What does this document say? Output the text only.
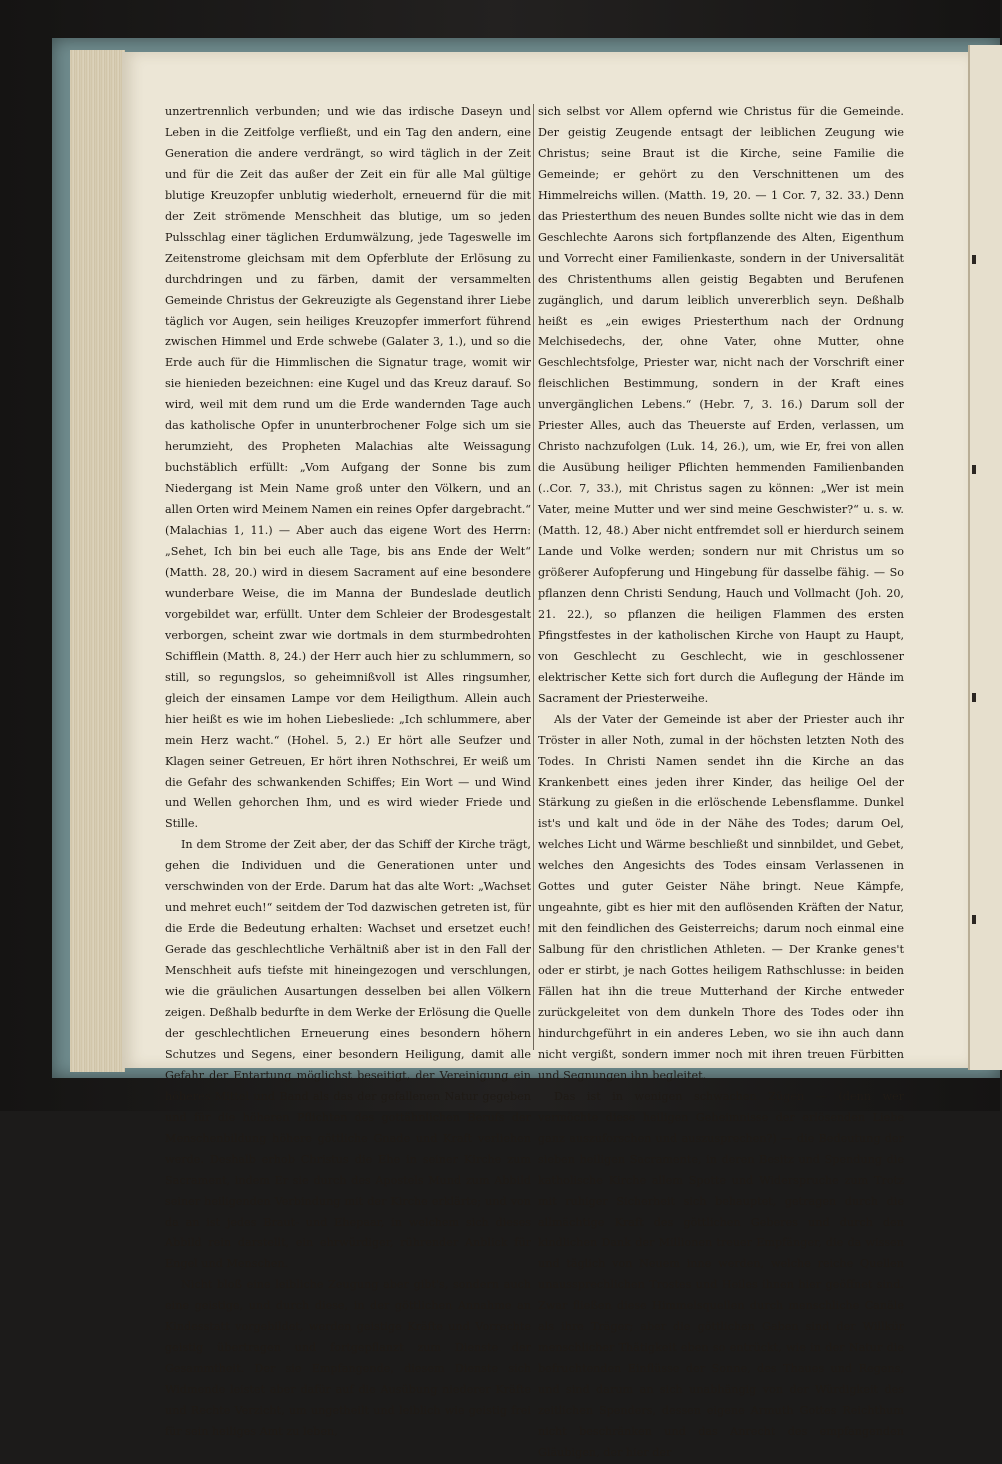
unzertrennlich verbunden; und wie das irdische Daseyn und Leben in die Zeitfolge verfließt, und ein Tag den andern, eine Generation die andere verdrängt, so wird täglich in der Zeit und für die Zeit das außer der Zeit ein für alle Mal gültige blutige Kreuzopfer unblutig wiederholt, erneuernd für die mit der Zeit strömende Menschheit das blutige, um so jeden Pulsschlag einer täglichen Erdumwälzung, jede Tageswelle im Zeitenstrome gleichsam mit dem Opferblute der Erlösung zu durchdringen und zu färben, damit der versammelten Gemeinde Christus der Gekreuzigte als Gegenstand ihrer Liebe täglich vor Augen, sein heiliges Kreuzopfer immerfort führend zwischen Himmel und Erde schwebe (Galater 3, 1.), und so die Erde auch für die Himmlischen die Signatur trage, womit wir sie hienieden bezeichnen: eine Kugel und das Kreuz darauf. So wird, weil mit dem rund um die Erde wandernden Tage auch das katholische Opfer in ununterbrochener Folge sich um sie herumzieht, des Propheten Malachias alte Weissagung buchstäblich erfüllt: „Vom Aufgang der Sonne bis zum Niedergang ist Mein Name groß unter den Völkern, und an allen Orten wird Meinem Namen ein reines Opfer dargebracht.“ (Malachias 1, 11.) — Aber auch das eigene Wort des Herrn: „Sehet, Ich bin bei euch alle Tage, bis ans Ende der Welt“ (Matth. 28, 20.) wird in diesem Sacrament auf eine besondere wunderbare Weise, die im Manna der Bundeslade deutlich vorgebildet war, erfüllt. Unter dem Schleier der Brodesgestalt verborgen, scheint zwar wie dortmals in dem sturmbedrohten Schifflein (Matth. 8, 24.) der Herr auch hier zu schlummern, so still, so regungslos, so geheimnißvoll ist Alles ringsumher, gleich der einsamen Lampe vor dem Heiligthum. Allein auch hier heißt es wie im hohen Liebesliede: „Ich schlummere, aber mein Herz wacht.“ (Hohel. 5, 2.) Er hört alle Seufzer und Klagen seiner Getreuen, Er hört ihren Nothschrei, Er weiß um die Gefahr des schwankenden Schiffes; Ein Wort — und Wind und Wellen gehorchen Ihm, und es wird wieder Friede und Stille.

In dem Strome der Zeit aber, der das Schiff der Kirche trägt, gehen die Individuen und die Generationen unter und verschwinden von der Erde. Darum hat das alte Wort: „Wachset und mehret euch!“ seitdem der Tod dazwischen getreten ist, für die Erde die Bedeutung erhalten: Wachset und ersetzet euch! Gerade das geschlechtliche Verhältniß aber ist in den Fall der Menschheit aufs tiefste mit hineingezogen und verschlungen, wie die gräulichen Ausartungen desselben bei allen Völkern zeigen. Deßhalb bedurfte in dem Werke der Erlösung die Quelle der geschlechtlichen Erneuerung eines besondern höhern Schutzes und Segens, einer besondern Heiligung, damit alle Gefahr der Entartung möglichst beseitigt, der Vereinigung ein höheres Mittel und Band als das der gefallenen Natur gegeben und für die höheren Pflichten des gottähnlichen Berufs der Menschenbildung höhere göttliche Gnade und Kraft verliehen werde. Deshalb erhob Christus die Ehe in seiner Kirche zum Sacrament, indem Er sie durch des Apostels Mund zum Abbild seiner heiligenden Verbindung mit der Kirche erklärte; und von da an ist jedes Braut- und Ehepaar, in welchem sich dieses Abbild rein darstellt, ein ehrwürdiger, rührender Anblick für Engel und Menschen.

Nicht bloß eine leibliche Zeugung aber gibt's, sondern auch eine geistige, und durch diese, in der göttlichen Annahme an Kindesstatt vorgebildet, werden geistige Kräfte und Vorrechte geistig übertragen und fortgepflanzt zum Dienste der Gesammtheit. Der sie Empfangende, diesem Dienste sich Widmende leistet aber dafür auf die Ausübung niederer Kräfte und Rechte Verzicht, um ungetheilt und leiblich wie geistig frei für sein heiliges Amt zu leben,

sich selbst vor Allem opfernd wie Christus für die Gemeinde. Der geistig Zeugende entsagt der leiblichen Zeugung wie Christus; seine Braut ist die Kirche, seine Familie die Gemeinde; er gehört zu den Verschnittenen um des Himmelreichs willen. (Matth. 19, 20. — 1 Cor. 7, 32. 33.) Denn das Priesterthum des neuen Bundes sollte nicht wie das in dem Geschlechte Aarons sich fortpflanzende des Alten, Eigenthum und Vorrecht einer Familienkaste, sondern in der Universalität des Christenthums allen geistig Begabten und Berufenen zugänglich, und darum leiblich unvererblich seyn. Deßhalb heißt es „ein ewiges Priesterthum nach der Ordnung Melchisedechs, der, ohne Vater, ohne Mutter, ohne Geschlechtsfolge, Priester war, nicht nach der Vorschrift einer fleischlichen Bestimmung, sondern in der Kraft eines unvergänglichen Lebens.“ (Hebr. 7, 3. 16.) Darum soll der Priester Alles, auch das Theuerste auf Erden, verlassen, um Christo nachzufolgen (Luk. 14, 26.), um, wie Er, frei von allen die Ausübung heiliger Pflichten hemmenden Familienbanden (..Cor. 7, 33.), mit Christus sagen zu können: „Wer ist mein Vater, meine Mutter und wer sind meine Geschwister?“ u. s. w. (Matth. 12, 48.) Aber nicht entfremdet soll er hierdurch seinem Lande und Volke werden; sondern nur mit Christus um so größerer Aufopferung und Hingebung für dasselbe fähig. — So pflanzen denn Christi Sendung, Hauch und Vollmacht (Joh. 20, 21. 22.), so pflanzen die heiligen Flammen des ersten Pfingstfestes in der katholischen Kirche von Haupt zu Haupt, von Geschlecht zu Geschlecht, wie in geschlossener elektrischer Kette sich fort durch die Auflegung der Hände im Sacrament der Priesterweihe.

Als der Vater der Gemeinde ist aber der Priester auch ihr Tröster in aller Noth, zumal in der höchsten letzten Noth des Todes. In Christi Namen sendet ihn die Kirche an das Krankenbett eines jeden ihrer Kinder, das heilige Oel der Stärkung zu gießen in die erlöschende Lebensflamme. Dunkel ist's und kalt und öde in der Nähe des Todes; darum Oel, welches Licht und Wärme beschließt und sinnbildet, und Gebet, welches den Angesichts des Todes einsam Verlassenen in Gottes und guter Geister Nähe bringt. Neue Kämpfe, ungeahnte, gibt es hier mit den auflösenden Kräften der Natur, mit den feindlichen des Geisterreichs; darum noch einmal eine Salbung für den christlichen Athleten. — Der Kranke genes't oder er stirbt, je nach Gottes heiligem Rathschlusse: in beiden Fällen hat ihn die treue Mutterhand der Kirche entweder zurückgeleitet von dem dunkeln Thore des Todes oder ihn hindurchgeführt in ein anderes Leben, wo sie ihn auch dann nicht vergißt, sondern immer noch mit ihren treuen Fürbitten und Segnungen ihn begleitet.

Das ist in wenigen schwachen Zügen — (denn wer vermöchte diese heiligen Geheimnisse der erlösenden Liebe ganz auszuforschen und auszusprechen?) — die Bedeutung der sieben heiligen Sacramente, in deren Besitz und Spendung die katholische Kirche allem Spotte und Widerspruche zum Trotz mit ruhiger Sicherheit sich behauptet, getragen durch die allmächtige Kraft des göttlichen Geberes und durch den kindlichen Dank der Millionen treuer Empfänger, die da wissen und täglich von Neuem inne werden, welche reiche Quellen unaussprechlichen Trostes und Heiles ihnen hier geöffnet sind. Zwar fließen diese Himmelsquellen durch menschliche Canäle als ihre Träger; aber die göttlichen Gaben sind der Willkür menschlicher Thätigkeit eben so entrückt, wie in der Natur die befruchtenden Einflüsse der Sonne, des Thaues und Regens, und sind darum an sich unabhängig von der Würdigkeit des zeitlichen Spenders, dessen eigene Armuth Gottes Reichthum nicht beschränken und das Anrecht des empfangenden Gläubigen, der hier der
